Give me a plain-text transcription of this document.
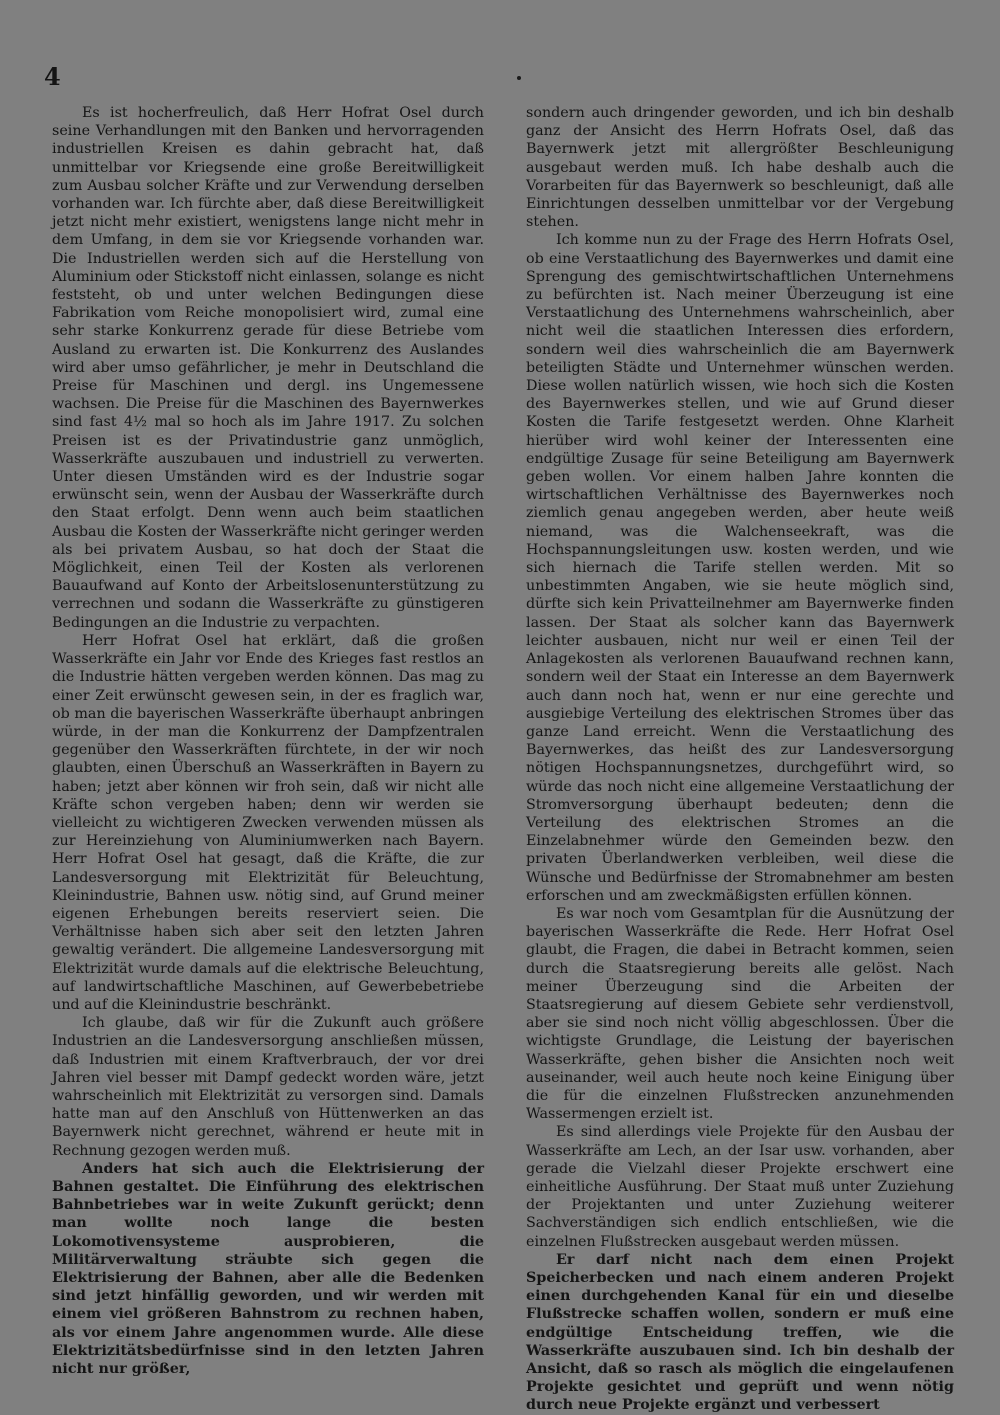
4

Es ist hocherfreulich, daß Herr Hofrat Osel durch seine Verhandlungen mit den Banken und hervorragenden industriellen Kreisen es dahin gebracht hat, daß unmittelbar vor Kriegsende eine große Bereitwilligkeit zum Ausbau solcher Kräfte und zur Verwendung derselben vorhanden war. Ich fürchte aber, daß diese Bereitwilligkeit jetzt nicht mehr existiert, wenigstens lange nicht mehr in dem Umfang, in dem sie vor Kriegsende vorhanden war. Die Industriellen werden sich auf die Herstellung von Aluminium oder Stickstoff nicht einlassen, solange es nicht feststeht, ob und unter welchen Bedingungen diese Fabrikation vom Reiche monopolisiert wird, zumal eine sehr starke Konkurrenz gerade für diese Betriebe vom Ausland zu erwarten ist. Die Konkurrenz des Auslandes wird aber umso gefährlicher, je mehr in Deutschland die Preise für Maschinen und dergl. ins Ungemessene wachsen. Die Preise für die Maschinen des Bayernwerkes sind fast 4½ mal so hoch als im Jahre 1917. Zu solchen Preisen ist es der Privatindustrie ganz unmöglich, Wasserkräfte auszubauen und industriell zu verwerten. Unter diesen Umständen wird es der Industrie sogar erwünscht sein, wenn der Ausbau der Wasserkräfte durch den Staat erfolgt. Denn wenn auch beim staatlichen Ausbau die Kosten der Wasserkräfte nicht geringer werden als bei privatem Ausbau, so hat doch der Staat die Möglichkeit, einen Teil der Kosten als verlorenen Bauaufwand auf Konto der Arbeitslosenunterstützung zu verrechnen und sodann die Wasserkräfte zu günstigeren Bedingungen an die Industrie zu verpachten.

Herr Hofrat Osel hat erklärt, daß die großen Wasserkräfte ein Jahr vor Ende des Krieges fast restlos an die Industrie hätten vergeben werden können. Das mag zu einer Zeit erwünscht gewesen sein, in der es fraglich war, ob man die bayerischen Wasserkräfte überhaupt anbringen würde, in der man die Konkurrenz der Dampfzentralen gegenüber den Wasserkräften fürchtete, in der wir noch glaubten, einen Überschuß an Wasserkräften in Bayern zu haben; jetzt aber können wir froh sein, daß wir nicht alle Kräfte schon vergeben haben; denn wir werden sie vielleicht zu wichtigeren Zwecken verwenden müssen als zur Hereinziehung von Aluminiumwerken nach Bayern. Herr Hofrat Osel hat gesagt, daß die Kräfte, die zur Landesversorgung mit Elektrizität für Beleuchtung, Kleinindustrie, Bahnen usw. nötig sind, auf Grund meiner eigenen Erhebungen bereits reserviert seien. Die Verhältnisse haben sich aber seit den letzten Jahren gewaltig verändert. Die allgemeine Landesversorgung mit Elektrizität wurde damals auf die elektrische Beleuchtung, auf landwirtschaftliche Maschinen, auf Gewerbebetriebe und auf die Kleinindustrie beschränkt.

Ich glaube, daß wir für die Zukunft auch größere Industrien an die Landesversorgung anschließen müssen, daß Industrien mit einem Kraftverbrauch, der vor drei Jahren viel besser mit Dampf gedeckt worden wäre, jetzt wahrscheinlich mit Elektrizität zu versorgen sind. Damals hatte man auf den Anschluß von Hüttenwerken an das Bayernwerk nicht gerechnet, während er heute mit in Rechnung gezogen werden muß.

Anders hat sich auch die Elektrisierung der Bahnen gestaltet. Die Einführung des elektrischen Bahnbetriebes war in weite Zukunft gerückt; denn man wollte noch lange die besten Lokomotivensysteme ausprobieren, die Militärverwaltung sträubte sich gegen die Elektrisierung der Bahnen, aber alle die Bedenken sind jetzt hinfällig geworden, und wir werden mit einem viel größeren Bahnstrom zu rechnen haben, als vor einem Jahre angenommen wurde. Alle diese Elektrizitätsbedürfnisse sind in den letzten Jahren nicht nur größer,

sondern auch dringender geworden, und ich bin deshalb ganz der Ansicht des Herrn Hofrats Osel, daß das Bayernwerk jetzt mit allergrößter Beschleunigung ausgebaut werden muß. Ich habe deshalb auch die Vorarbeiten für das Bayernwerk so beschleunigt, daß alle Einrichtungen desselben unmittelbar vor der Vergebung stehen.

Ich komme nun zu der Frage des Herrn Hofrats Osel, ob eine Verstaatlichung des Bayernwerkes und damit eine Sprengung des gemischtwirtschaftlichen Unternehmens zu befürchten ist. Nach meiner Überzeugung ist eine Verstaatlichung des Unternehmens wahrscheinlich, aber nicht weil die staatlichen Interessen dies erfordern, sondern weil dies wahrscheinlich die am Bayernwerk beteiligten Städte und Unternehmer wünschen werden. Diese wollen natürlich wissen, wie hoch sich die Kosten des Bayernwerkes stellen, und wie auf Grund dieser Kosten die Tarife festgesetzt werden. Ohne Klarheit hierüber wird wohl keiner der Interessenten eine endgültige Zusage für seine Beteiligung am Bayernwerk geben wollen. Vor einem halben Jahre konnten die wirtschaftlichen Verhältnisse des Bayernwerkes noch ziemlich genau angegeben werden, aber heute weiß niemand, was die Walchenseekraft, was die Hochspannungsleitungen usw. kosten werden, und wie sich hiernach die Tarife stellen werden. Mit so unbestimmten Angaben, wie sie heute möglich sind, dürfte sich kein Privatteilnehmer am Bayernwerke finden lassen. Der Staat als solcher kann das Bayernwerk leichter ausbauen, nicht nur weil er einen Teil der Anlagekosten als verlorenen Bauaufwand rechnen kann, sondern weil der Staat ein Interesse an dem Bayernwerk auch dann noch hat, wenn er nur eine gerechte und ausgiebige Verteilung des elektrischen Stromes über das ganze Land erreicht. Wenn die Verstaatlichung des Bayernwerkes, das heißt des zur Landesversorgung nötigen Hochspannungsnetzes, durchgeführt wird, so würde das noch nicht eine allgemeine Verstaatlichung der Stromversorgung überhaupt bedeuten; denn die Verteilung des elektrischen Stromes an die Einzelabnehmer würde den Gemeinden bezw. den privaten Überlandwerken verbleiben, weil diese die Wünsche und Bedürfnisse der Stromabnehmer am besten erforschen und am zweckmäßigsten erfüllen können.

Es war noch vom Gesamtplan für die Ausnützung der bayerischen Wasserkräfte die Rede. Herr Hofrat Osel glaubt, die Fragen, die dabei in Betracht kommen, seien durch die Staatsregierung bereits alle gelöst. Nach meiner Überzeugung sind die Arbeiten der Staatsregierung auf diesem Gebiete sehr verdienstvoll, aber sie sind noch nicht völlig abgeschlossen. Über die wichtigste Grundlage, die Leistung der bayerischen Wasserkräfte, gehen bisher die Ansichten noch weit auseinander, weil auch heute noch keine Einigung über die für die einzelnen Flußstrecken anzunehmenden Wassermengen erzielt ist.

Es sind allerdings viele Projekte für den Ausbau der Wasserkräfte am Lech, an der Isar usw. vorhanden, aber gerade die Vielzahl dieser Projekte erschwert eine einheitliche Ausführung. Der Staat muß unter Zuziehung der Projektanten und unter Zuziehung weiterer Sachverständigen sich endlich entschließen, wie die einzelnen Flußstrecken ausgebaut werden müssen.

Er darf nicht nach dem einen Projekt Speicherbecken und nach einem anderen Projekt einen durchgehenden Kanal für ein und dieselbe Flußstrecke schaffen wollen, sondern er muß eine endgültige Entscheidung treffen, wie die Wasserkräfte auszubauen sind. Ich bin deshalb der Ansicht, daß so rasch als möglich die eingelaufenen Projekte gesichtet und geprüft und wenn nötig durch neue Projekte ergänzt und verbessert
